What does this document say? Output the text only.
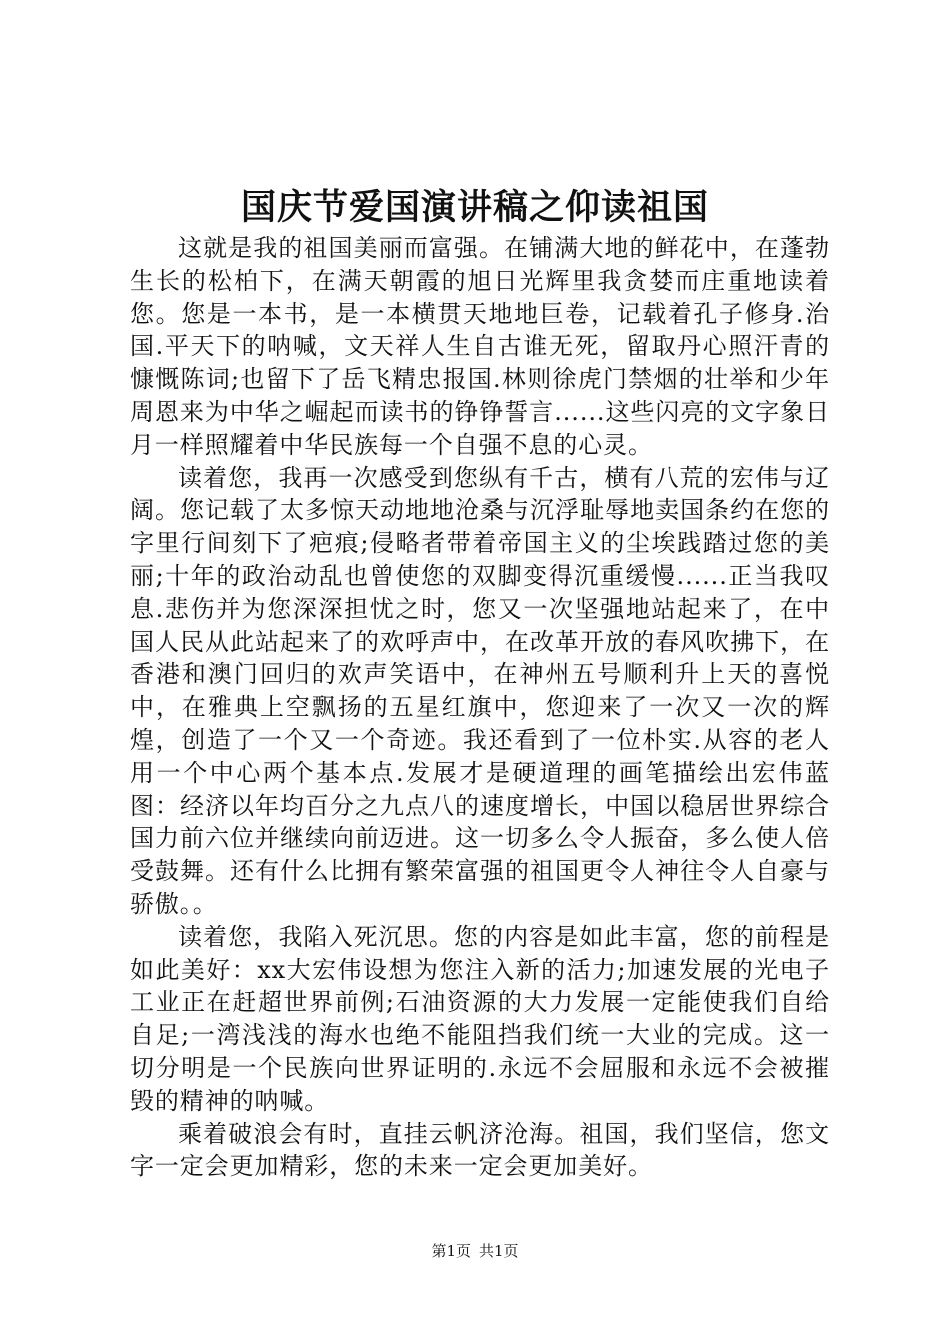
国庆节爱国演讲稿之仰读祖国

这就是我的祖国美丽而富强。在铺满大地的鲜花中，在蓬勃生长的松柏下，在满天朝霞的旭日光辉里我贪婪而庄重地读着您。您是一本书，是一本横贯天地地巨卷，记载着孔子修身.治国.平天下的呐喊，文天祥人生自古谁无死，留取丹心照汗青的慷慨陈词;也留下了岳飞精忠报国.林则徐虎门禁烟的壮举和少年周恩来为中华之崛起而读书的铮铮誓言......这些闪亮的文字象日月一样照耀着中华民族每一个自强不息的心灵。

读着您，我再一次感受到您纵有千古，横有八荒的宏伟与辽阔。您记载了太多惊天动地地沧桑与沉浮耻辱地卖国条约在您的字里行间刻下了疤痕;侵略者带着帝国主义的尘埃践踏过您的美丽;十年的政治动乱也曾使您的双脚变得沉重缓慢......正当我叹息.悲伤并为您深深担忧之时，您又一次坚强地站起来了，在中国人民从此站起来了的欢呼声中，在改革开放的春风吹拂下，在香港和澳门回归的欢声笑语中，在神州五号顺利升上天的喜悦中，在雅典上空飘扬的五星红旗中，您迎来了一次又一次的辉煌，创造了一个又一个奇迹。我还看到了一位朴实.从容的老人用一个中心两个基本点.发展才是硬道理的画笔描绘出宏伟蓝图：经济以年均百分之九点八的速度增长，中国以稳居世界综合国力前六位并继续向前迈进。这一切多么令人振奋，多么使人倍受鼓舞。还有什么比拥有繁荣富强的祖国更令人神往令人自豪与骄傲。。

读着您，我陷入死沉思。您的内容是如此丰富，您的前程是如此美好：xx大宏伟设想为您注入新的活力;加速发展的光电子工业正在赶超世界前例;石油资源的大力发展一定能使我们自给自足;一湾浅浅的海水也绝不能阻挡我们统一大业的完成。这一切分明是一个民族向世界证明的.永远不会屈服和永远不会被摧毁的精神的呐喊。

乘着破浪会有时，直挂云帆济沧海。祖国，我们坚信，您文字一定会更加精彩，您的未来一定会更加美好。

第1页 共1页
